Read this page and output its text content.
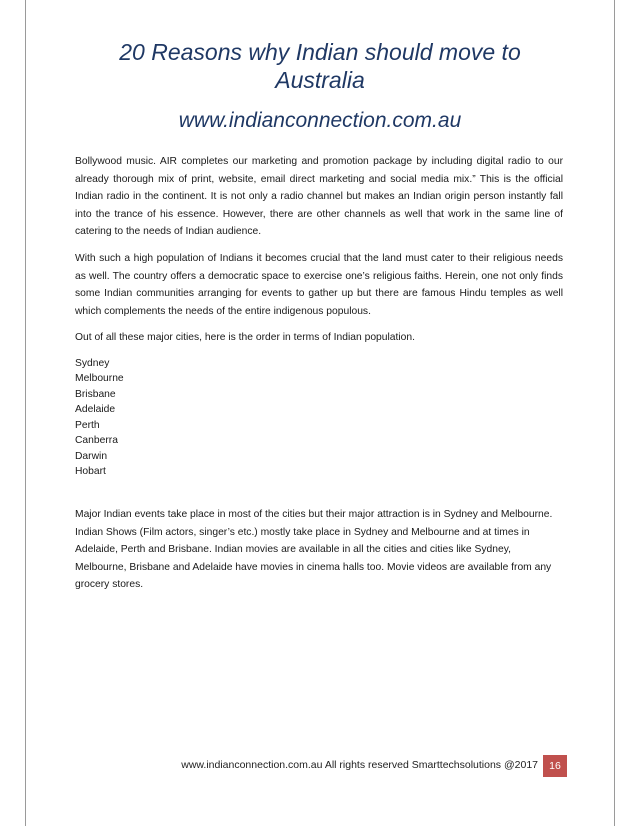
20 Reasons why Indian should move to Australia
www.indianconnection.com.au

Bollywood music. AIR completes our marketing and promotion package by including digital radio to our already thorough mix of print, website, email direct marketing and social media mix.” This is the official Indian radio in the continent. It is not only a radio channel but makes an Indian origin person instantly fall into the trance of his essence. However, there are other channels as well that work in the same line of catering to the needs of Indian audience.

With such a high population of Indians it becomes crucial that the land must cater to their religious needs as well. The country offers a democratic space to exercise one’s religious faiths. Herein, one not only finds some Indian communities arranging for events to gather up but there are famous Hindu temples as well which complements the needs of the entire indigenous populous.

Out of all these major cities, here is the order in terms of Indian population.

Sydney
Melbourne
Brisbane
Adelaide
Perth
Canberra
Darwin
Hobart

Major Indian events take place in most of the cities but their major attraction is in Sydney and Melbourne. Indian Shows (Film actors, singer’s etc.) mostly take place in Sydney and Melbourne and at times in Adelaide, Perth and Brisbane. Indian movies are available in all the cities and cities like Sydney, Melbourne, Brisbane and Adelaide have movies in cinema halls too. Movie videos are available from any grocery stores.

www.indianconnection.com.au All rights reserved Smarttechsolutions @2017	16
